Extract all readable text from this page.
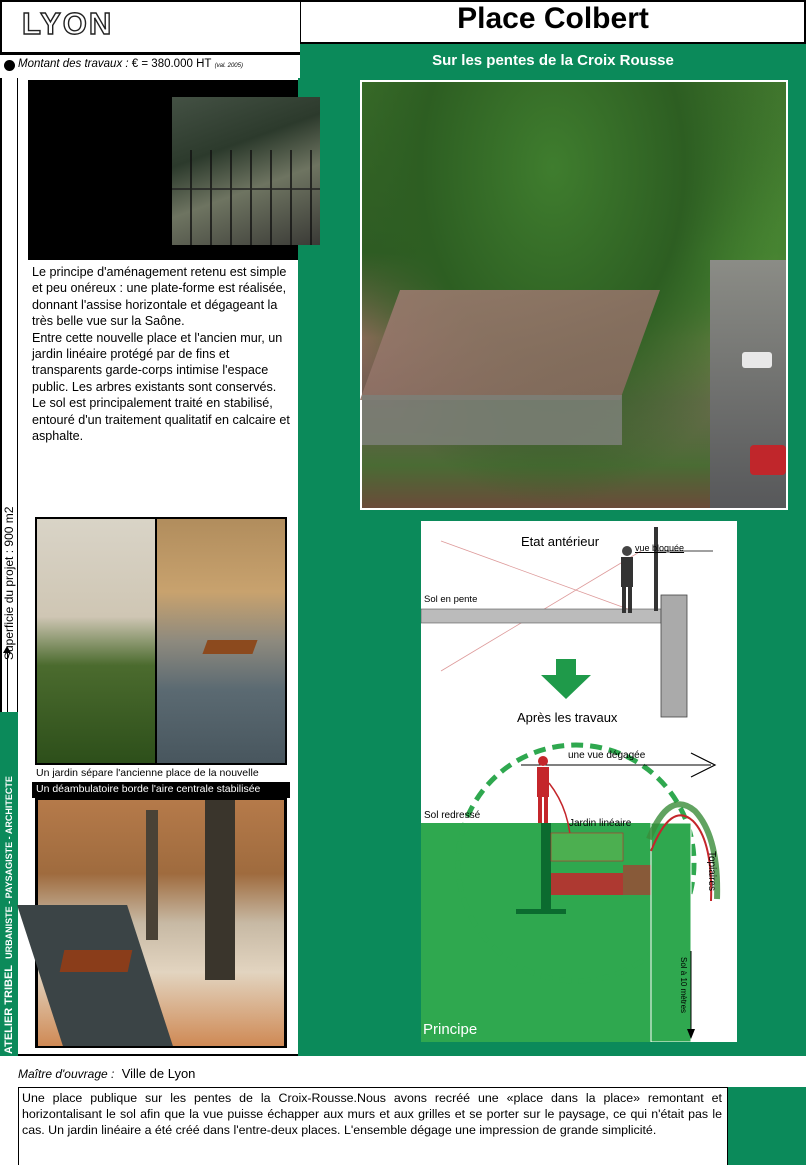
LYON
Montant des travaux : € = 380.000 HT (val. 2005)
Place Colbert
Sur les pentes de la Croix Rousse
Superficie du projet : 900 m2
ATELIER TRIBEL  URBANISTE - PAYSAGISTE - ARCHITECTE

Le principe d'aménagement retenu est simple et peu onéreux : une plate-forme est réalisée, donnant l'assise horizontale et dégageant la très belle vue sur la Saône.

Entre cette nouvelle place et l'ancien mur, un jardin linéaire protégé par de fins et transparents garde-corps intimise l'espace public. Les arbres existants sont conservés.

Le sol est principalement traité en stabilisé, entouré d'un traitement qualitatif en calcaire et asphalte.

Un jardin sépare l'ancienne place de la nouvelle
Un déambulatoire borde l'aire centrale stabilisée
Etat antérieur	vue bloquée
Sol en pente
Après les travaux
une vue dégagée
Sol redressé
Jardin linéaire
Topiaires
Sol à 10 mètres
Principe
Maître d'ouvrage : Ville de Lyon
Une place publique sur les pentes de la Croix-Rousse.Nous avons recréé une «place dans la place» remontant et horizontalisant le sol afin que la vue puisse échapper aux murs et aux grilles et se porter sur le paysage, ce qui n'était pas le cas. Un jardin linéaire a été créé dans l'entre-deux places. L'ensemble dégage une impression de grande simplicité.
